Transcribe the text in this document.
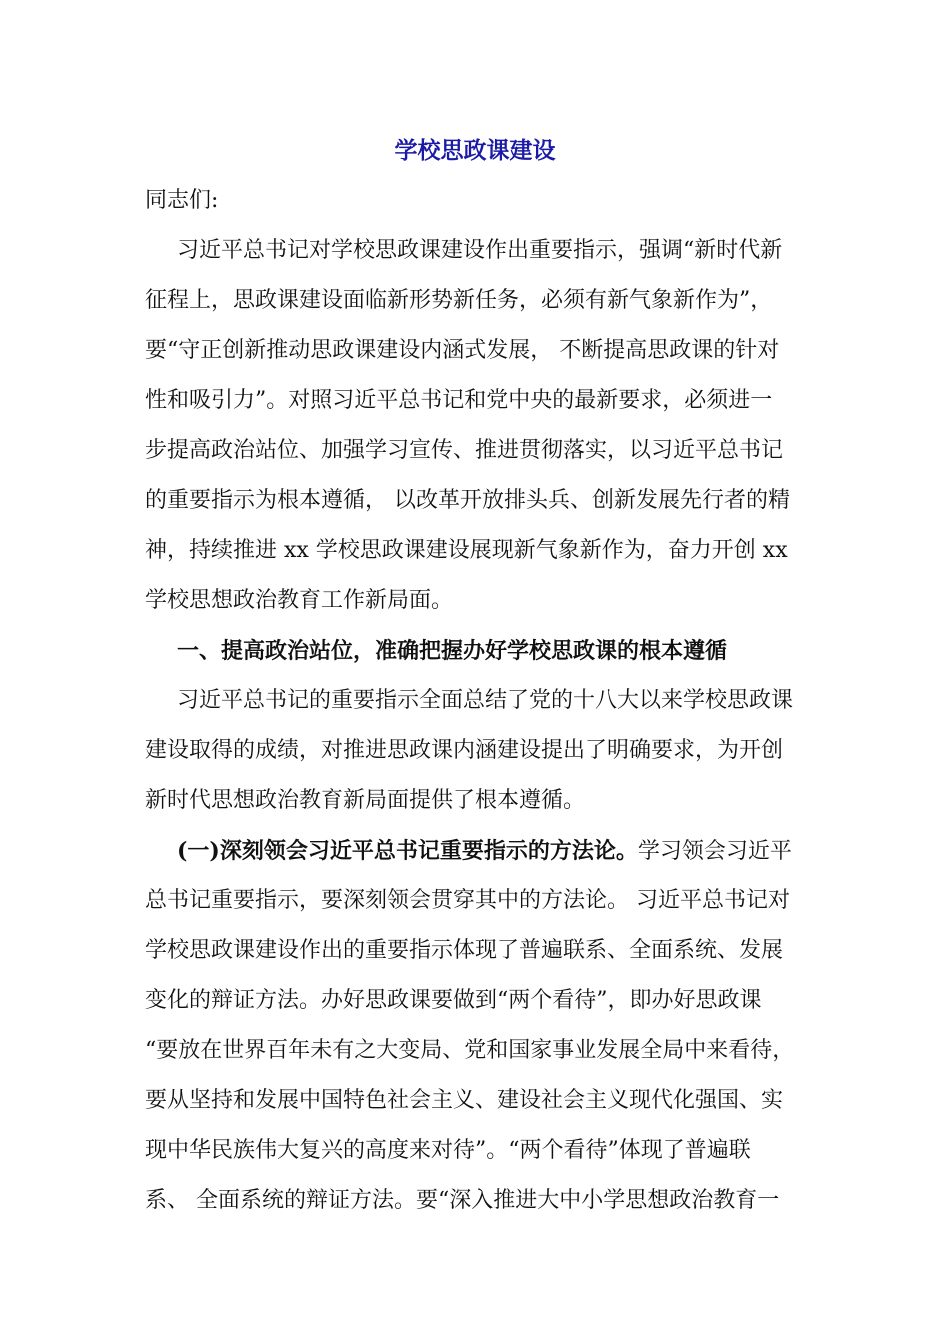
学校思政课建设
同志们:
习近平总书记对学校思政课建设作出重要指示，强调“新时代新
征程上，思政课建设面临新形势新任务，必须有新气象新作为”，
要“守正创新推动思政课建设内涵式发展， 不断提高思政课的针对
性和吸引力”。对照习近平总书记和党中央的最新要求，必须进一
步提高政治站位、加强学习宣传、推进贯彻落实，以习近平总书记
的重要指示为根本遵循， 以改革开放排头兵、创新发展先行者的精
神，持续推进 xx 学校思政课建设展现新气象新作为，奋力开创 xx
学校思想政治教育工作新局面。
一、提高政治站位，准确把握办好学校思政课的根本遵循
习近平总书记的重要指示全面总结了党的十八大以来学校思政课
建设取得的成绩，对推进思政课内涵建设提出了明确要求，为开创
新时代思想政治教育新局面提供了根本遵循。
(一)深刻领会习近平总书记重要指示的方法论。学习领会习近平
总书记重要指示，要深刻领会贯穿其中的方法论。 习近平总书记对
学校思政课建设作出的重要指示体现了普遍联系、全面系统、发展
变化的辩证方法。办好思政课要做到“两个看待”，即办好思政课
“要放在世界百年未有之大变局、党和国家事业发展全局中来看待，
要从坚持和发展中国特色社会主义、建设社会主义现代化强国、实
现中华民族伟大复兴的高度来对待”。“两个看待”体现了普遍联
系、 全面系统的辩证方法。要“深入推进大中小学思想政治教育一
